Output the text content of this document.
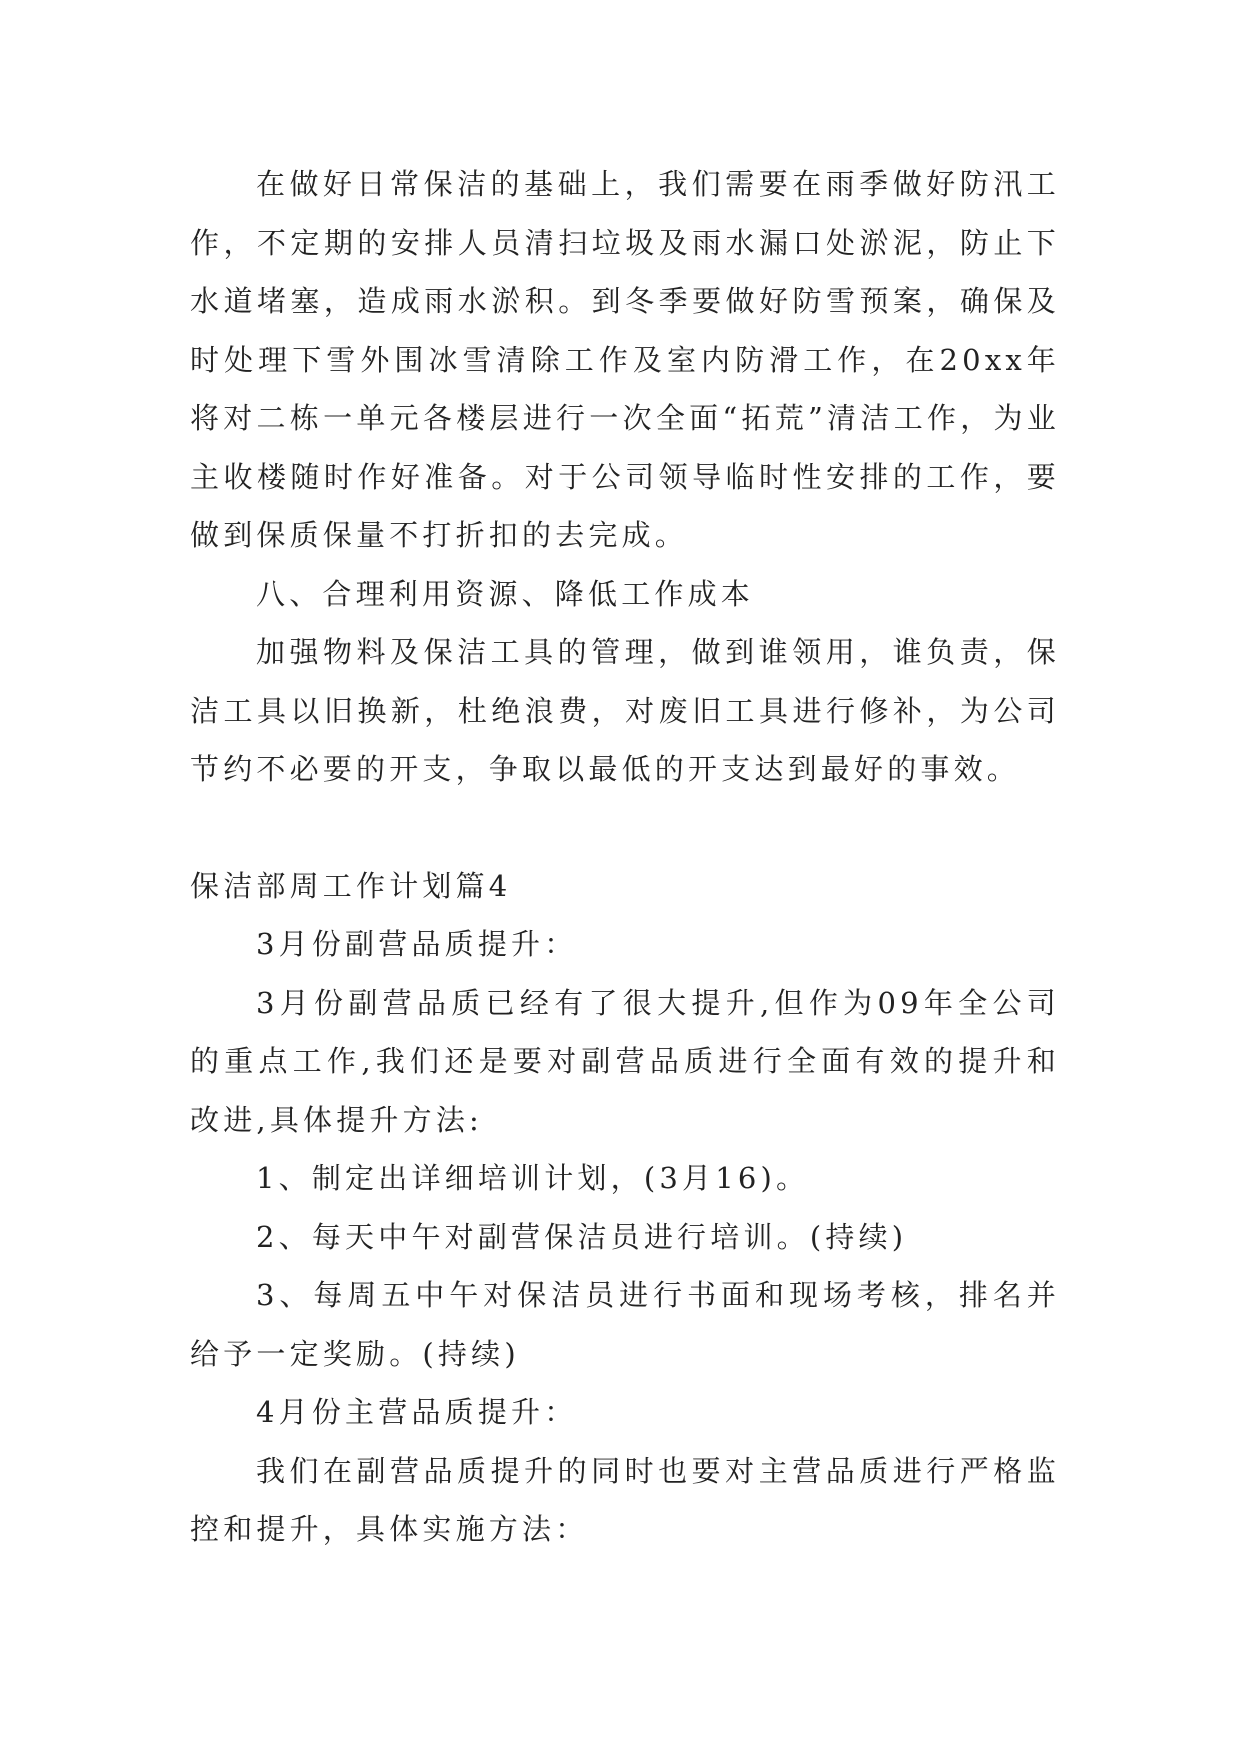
在做好日常保洁的基础上，我们需要在雨季做好防汛工作，不定期的安排人员清扫垃圾及雨水漏口处淤泥，防止下水道堵塞，造成雨水淤积。到冬季要做好防雪预案，确保及时处理下雪外围冰雪清除工作及室内防滑工作，在20xx年将对二栋一单元各楼层进行一次全面“拓荒”清洁工作，为业主收楼随时作好准备。对于公司领导临时性安排的工作，要做到保质保量不打折扣的去完成。

八、合理利用资源、降低工作成本

加强物料及保洁工具的管理，做到谁领用，谁负责，保洁工具以旧换新，杜绝浪费，对废旧工具进行修补，为公司节约不必要的开支，争取以最低的开支达到最好的事效。

保洁部周工作计划篇4

3月份副营品质提升：

3月份副营品质已经有了很大提升,但作为09年全公司的重点工作,我们还是要对副营品质进行全面有效的提升和改进,具体提升方法:

1、制定出详细培训计划，(3月16)。

2、每天中午对副营保洁员进行培训。(持续)

3、每周五中午对保洁员进行书面和现场考核，排名并给予一定奖励。(持续)

4月份主营品质提升：

我们在副营品质提升的同时也要对主营品质进行严格监控和提升，具体实施方法：
